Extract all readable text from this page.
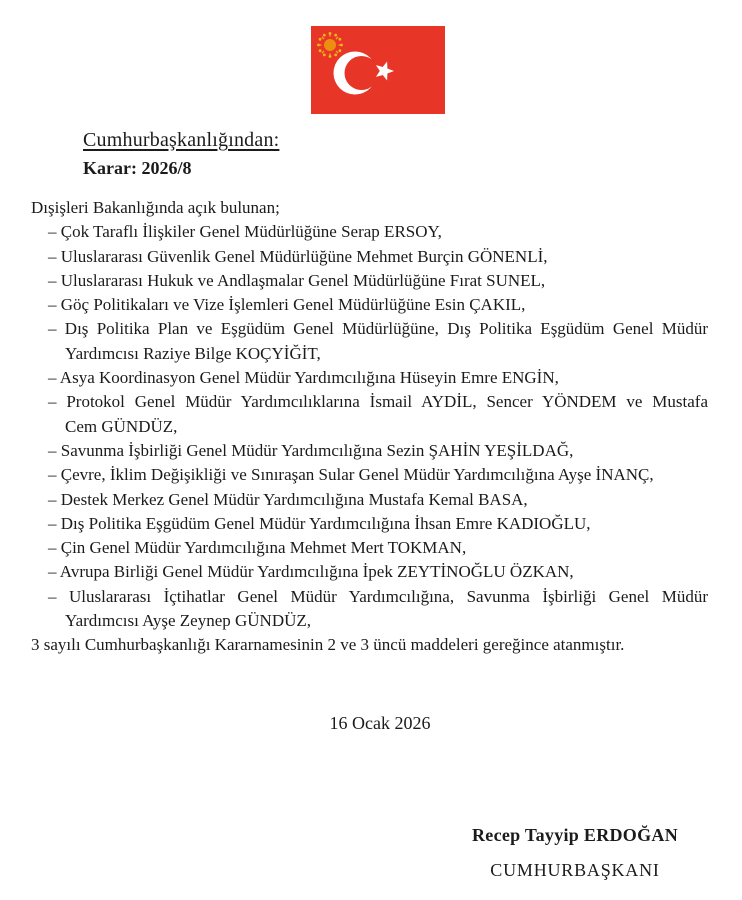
Cumhurbaşkanlığından:
Karar: 2026/8
Dışişleri Bakanlığında açık bulunan;
– Çok Taraflı İlişkiler Genel Müdürlüğüne Serap ERSOY,
– Uluslararası Güvenlik Genel Müdürlüğüne Mehmet Burçin GÖNENLİ,
– Uluslararası Hukuk ve Andlaşmalar Genel Müdürlüğüne Fırat SUNEL,
– Göç Politikaları ve Vize İşlemleri Genel Müdürlüğüne Esin ÇAKIL,
– Dış Politika Plan ve Eşgüdüm Genel Müdürlüğüne, Dış Politika Eşgüdüm Genel Müdür
Yardımcısı Raziye Bilge KOÇYİĞİT,
– Asya Koordinasyon Genel Müdür Yardımcılığına Hüseyin Emre ENGİN,
– Protokol Genel Müdür Yardımcılıklarına İsmail AYDİL, Sencer YÖNDEM ve Mustafa
Cem GÜNDÜZ,
– Savunma İşbirliği Genel Müdür Yardımcılığına Sezin ŞAHİN YEŞİLDAĞ,
– Çevre, İklim Değişikliği ve Sınıraşan Sular Genel Müdür Yardımcılığına Ayşe İNANÇ,
– Destek Merkez Genel Müdür Yardımcılığına Mustafa Kemal BASA,
– Dış Politika Eşgüdüm Genel Müdür Yardımcılığına İhsan Emre KADIOĞLU,
– Çin Genel Müdür Yardımcılığına Mehmet Mert TOKMAN,
– Avrupa Birliği Genel Müdür Yardımcılığına İpek ZEYTİNOĞLU ÖZKAN,
– Uluslararası İçtihatlar Genel Müdür Yardımcılığına, Savunma İşbirliği Genel Müdür
Yardımcısı Ayşe Zeynep GÜNDÜZ,
3 sayılı Cumhurbaşkanlığı Kararnamesinin 2 ve 3 üncü maddeleri gereğince atanmıştır.
16 Ocak 2026
Recep Tayyip ERDOĞAN
CUMHURBAŞKANI
